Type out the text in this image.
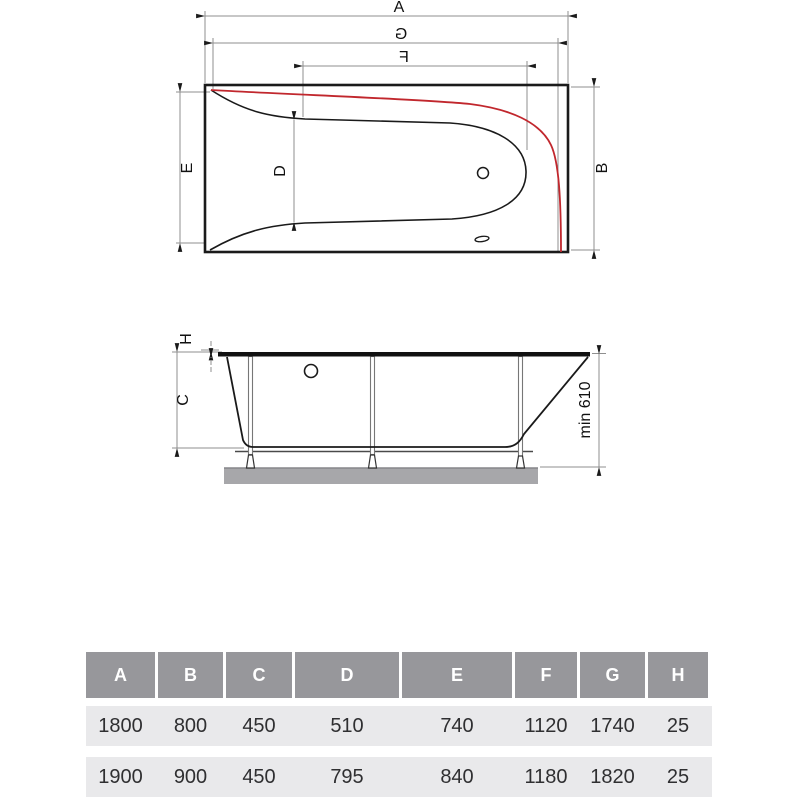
A
G
F
E	D	B
H
C	min 610
A	B	C	D	E	F	G	H
1800	800	450	510	740	1120	1740	25
1900	900	450	795	840	1180	1820	25
